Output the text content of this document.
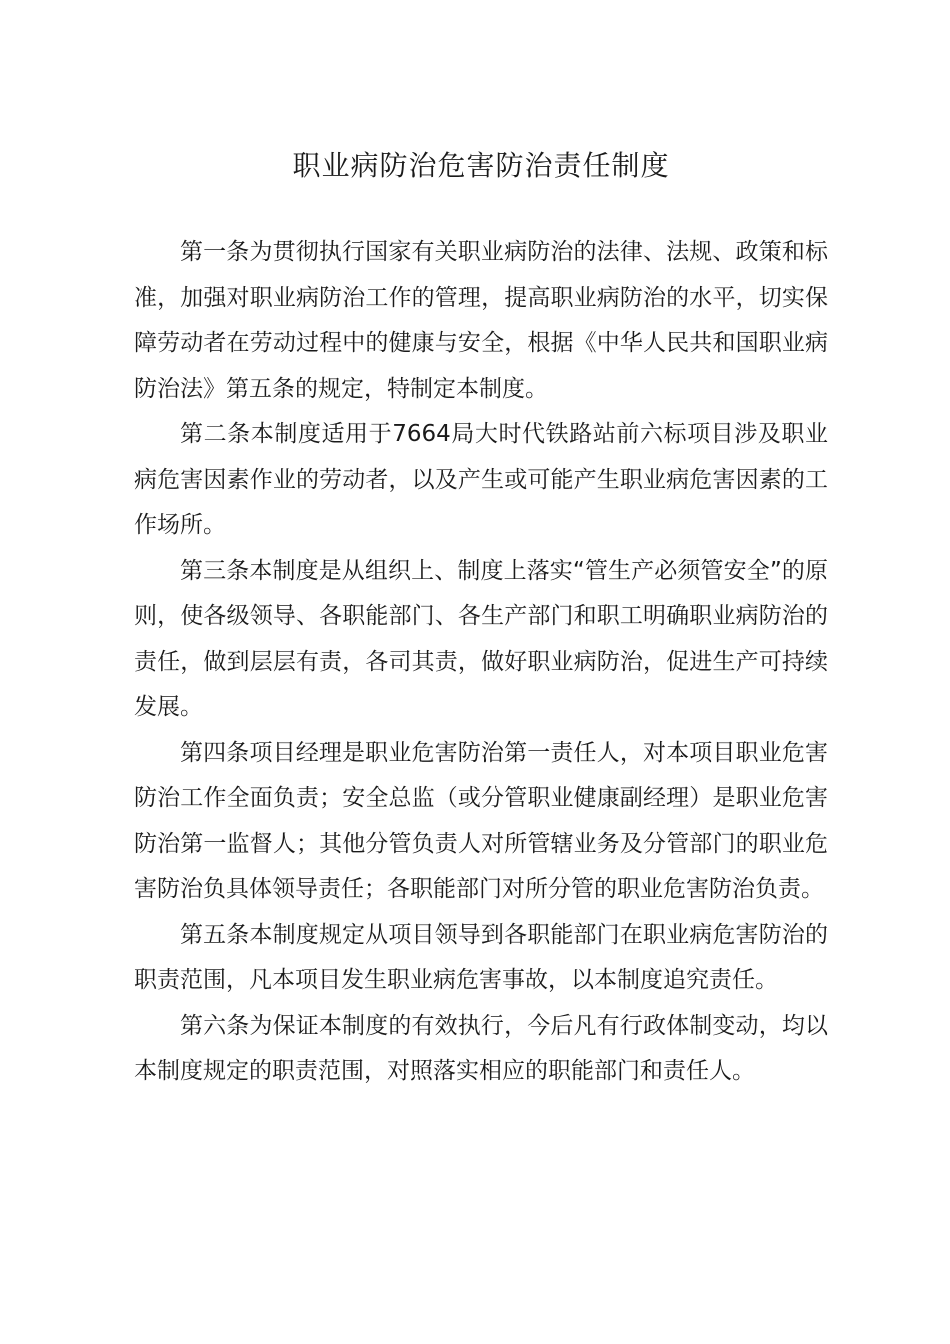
职业病防治危害防治责任制度

第一条为贯彻执行国家有关职业病防治的法律、法规、政策和标准，加强对职业病防治工作的管理，提高职业病防治的水平，切实保障劳动者在劳动过程中的健康与安全，根据《中华人民共和国职业病防治法》第五条的规定，特制定本制度。

第二条本制度适用于7664局大时代铁路站前六标项目涉及职业病危害因素作业的劳动者，以及产生或可能产生职业病危害因素的工作场所。

第三条本制度是从组织上、制度上落实“管生产必须管安全”的原则，使各级领导、各职能部门、各生产部门和职工明确职业病防治的责任，做到层层有责，各司其责，做好职业病防治，促进生产可持续发展。

第四条项目经理是职业危害防治第一责任人，对本项目职业危害防治工作全面负责；安全总监（或分管职业健康副经理）是职业危害防治第一监督人；其他分管负责人对所管辖业务及分管部门的职业危害防治负具体领导责任；各职能部门对所分管的职业危害防治负责。

第五条本制度规定从项目领导到各职能部门在职业病危害防治的职责范围，凡本项目发生职业病危害事故，以本制度追究责任。

第六条为保证本制度的有效执行，今后凡有行政体制变动，均以本制度规定的职责范围，对照落实相应的职能部门和责任人。
